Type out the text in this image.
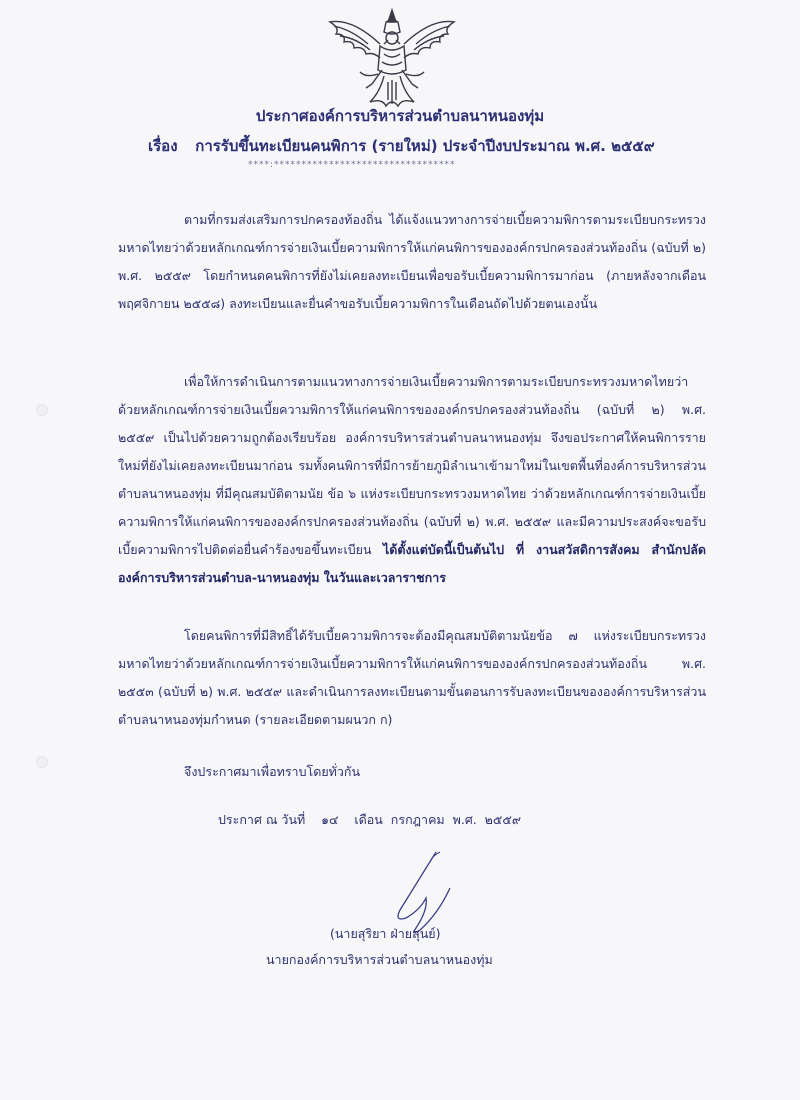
ประกาศองค์การบริหารส่วนตำบลนาหนองทุ่ม
เรื่อง การรับขึ้นทะเบียนคนพิการ (รายใหม่) ประจำปีงบประมาณ พ.ศ. ๒๕๕๙
****:*********************************

ตามที่กรมส่งเสริมการปกครองท้องถิ่น ได้แจ้งแนวทางการจ่ายเบี้ยความพิการตามระเบียบกระทรวงมหาดไทยว่าด้วยหลักเกณฑ์การจ่ายเงินเบี้ยความพิการให้แก่คนพิการขององค์กรปกครองส่วนท้องถิ่น (ฉบับที่ ๒) พ.ศ. ๒๕๕๙ โดยกำหนดคนพิการที่ยังไม่เคยลงทะเบียนเพื่อขอรับเบี้ยความพิการมาก่อน (ภายหลังจากเดือนพฤศจิกายน ๒๕๕๘) ลงทะเบียนและยื่นคำขอรับเบี้ยความพิการในเดือนถัดไปด้วยตนเองนั้น

เพื่อให้การดำเนินการตามแนวทางการจ่ายเงินเบี้ยความพิการตามระเบียบกระทรวงมหาดไทยว่าด้วยหลักเกณฑ์การจ่ายเงินเบี้ยความพิการให้แก่คนพิการขององค์กรปกครองส่วนท้องถิ่น (ฉบับที่ ๒) พ.ศ. ๒๕๕๙ เป็นไปด้วยความถูกต้องเรียบร้อย องค์การบริหารส่วนตำบลนาหนองทุ่ม จึงขอประกาศให้คนพิการรายใหม่ที่ยังไม่เคยลงทะเบียนมาก่อน รมทั้งคนพิการที่มีการย้ายภูมิลำเนาเข้ามาใหม่ในเขตพื้นที่องค์การบริหารส่วนตำบลนาหนองทุ่ม ที่มีคุณสมบัติตามนัย ข้อ ๖ แห่งระเบียบกระทรวงมหาดไทย ว่าด้วยหลักเกณฑ์การจ่ายเงินเบี้ยความพิการให้แก่คนพิการขององค์กรปกครองส่วนท้องถิ่น (ฉบับที่ ๒) พ.ศ. ๒๕๕๙ และมีความประสงค์จะขอรับเบี้ยความพิการไปติดต่อยื่นคำร้องขอขึ้นทะเบียน ได้ตั้งแต่บัดนี้เป็นต้นไป ที่ งานสวัสดิการสังคม สำนักปลัด องค์การบริหารส่วนตำบล-นาหนองทุ่ม ในวันและเวลาราชการ

โดยคนพิการที่มีสิทธิ์ได้รับเบี้ยความพิการจะต้องมีคุณสมบัติตามนัยข้อ ๗ แห่งระเบียบกระทรวงมหาดไทยว่าด้วยหลักเกณฑ์การจ่ายเงินเบี้ยความพิการให้แก่คนพิการขององค์กรปกครองส่วนท้องถิ่น พ.ศ. ๒๕๕๓ (ฉบับที่ ๒) พ.ศ. ๒๕๕๙ และดำเนินการลงทะเบียนตามขั้นตอนการรับลงทะเบียนขององค์การบริหารส่วนตำบลนาหนองทุ่มกำหนด (รายละเอียดตามผนวก ก)

จึงประกาศมาเพื่อทราบโดยทั่วกัน

ประกาศ ณ วันที่    ๑๔    เดือน  กรกฎาคม  พ.ศ.  ๒๕๕๙

(นายสุริยา ฝ่ายสุนย์)
นายกองค์การบริหารส่วนตำบลนาหนองทุ่ม
